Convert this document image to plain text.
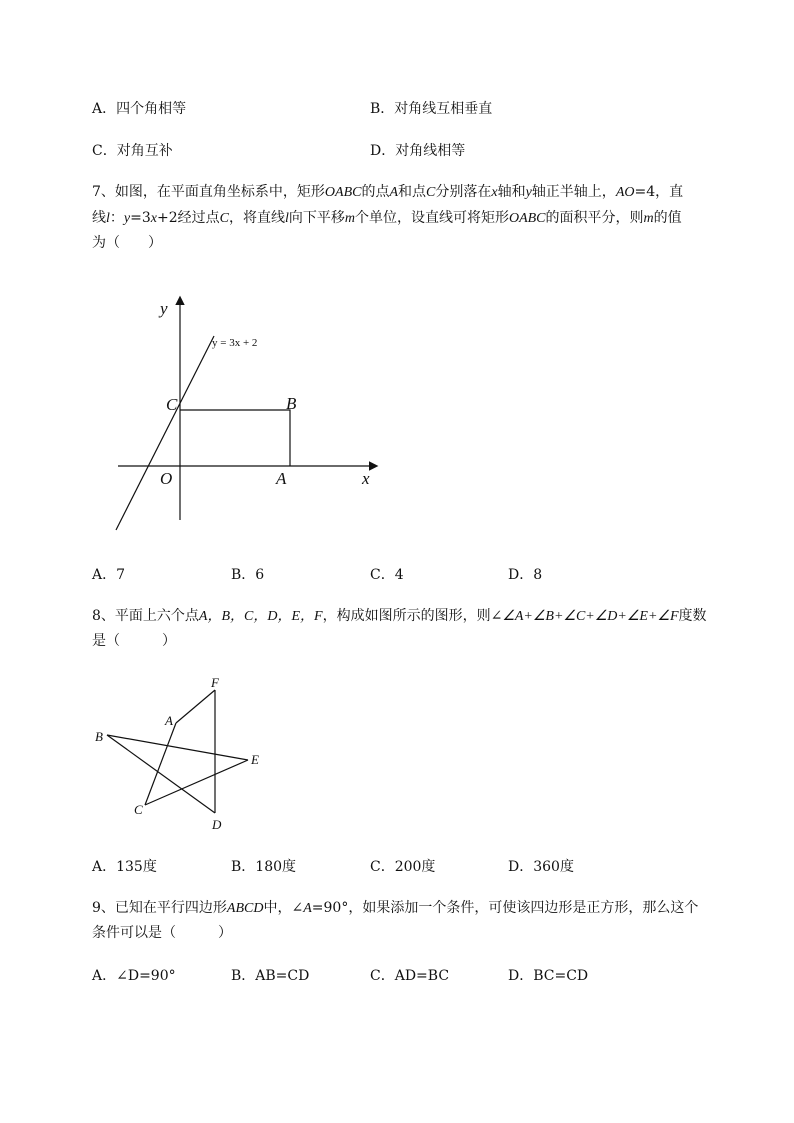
A．四个角相等	B．对角线互相垂直
C．对角互补	D．对角线相等
7、如图，在平面直角坐标系中，矩形OABC的点A和点C分别落在x轴和y轴正半轴上，AO=4，直
线l：y=3x+2经过点C，将直线l向下平移m个单位，设直线可将矩形OABC的面积平分，则m的值
为（　　）
y = 3x + 2
y
x
O	A
B
C
A．7	B．6	C．4	D．8
8、平面上六个点A，B，C，D，E，F，构成如图所示的图形，则∠∠A+∠B+∠C+∠D+∠E+∠F度数
是（　　　）
A
B
C
D
E
F
A．135度	B．180度	C．200度	D．360度
9、已知在平行四边形ABCD中，∠A=90°，如果添加一个条件，可使该四边形是正方形，那么这个
条件可以是（　　　）
A．∠D=90°	B．AB=CD	C．AD=BC	D．BC=CD
